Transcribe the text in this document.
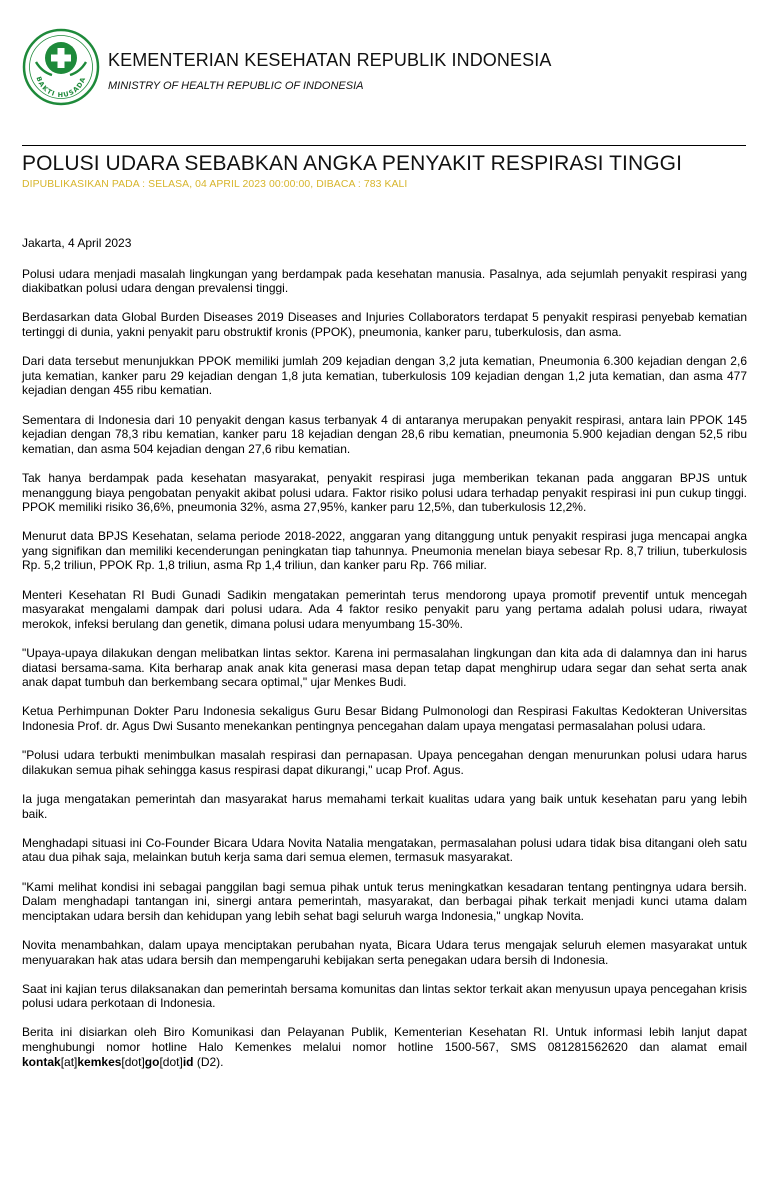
BAKTI HUSADA
KEMENTERIAN KESEHATAN REPUBLIK INDONESIA
MINISTRY OF HEALTH REPUBLIC OF INDONESIA
POLUSI UDARA SEBABKAN ANGKA PENYAKIT RESPIRASI TINGGI
DIPUBLIKASIKAN PADA : SELASA, 04 APRIL 2023 00:00:00, DIBACA : 783 KALI

Jakarta, 4 April 2023

Polusi udara menjadi masalah lingkungan yang berdampak pada kesehatan manusia. Pasalnya, ada sejumlah penyakit respirasi yang diakibatkan polusi udara dengan prevalensi tinggi.

Berdasarkan data Global Burden Diseases 2019 Diseases and Injuries Collaborators terdapat 5 penyakit respirasi penyebab kematian tertinggi di dunia, yakni penyakit paru obstruktif kronis (PPOK), pneumonia, kanker paru, tuberkulosis, dan asma.

Dari data tersebut menunjukkan PPOK memiliki jumlah 209 kejadian dengan 3,2 juta kematian, Pneumonia 6.300 kejadian dengan 2,6 juta kematian, kanker paru 29 kejadian dengan 1,8 juta kematian, tuberkulosis 109 kejadian dengan 1,2 juta kematian, dan asma 477 kejadian dengan 455 ribu kematian.

Sementara di Indonesia dari 10 penyakit dengan kasus terbanyak 4 di antaranya merupakan penyakit respirasi, antara lain PPOK 145 kejadian dengan 78,3 ribu kematian, kanker paru 18 kejadian dengan 28,6 ribu kematian, pneumonia 5.900 kejadian dengan 52,5 ribu kematian, dan asma 504 kejadian dengan 27,6 ribu kematian.

Tak hanya berdampak pada kesehatan masyarakat, penyakit respirasi juga memberikan tekanan pada anggaran BPJS untuk menanggung biaya pengobatan penyakit akibat polusi udara. Faktor risiko polusi udara terhadap penyakit respirasi ini pun cukup tinggi. PPOK memiliki risiko 36,6%, pneumonia 32%, asma 27,95%, kanker paru 12,5%, dan tuberkulosis 12,2%.

Menurut data BPJS Kesehatan, selama periode 2018-2022, anggaran yang ditanggung untuk penyakit respirasi juga mencapai angka yang signifikan dan memiliki kecenderungan peningkatan tiap tahunnya. Pneumonia menelan biaya sebesar Rp. 8,7 triliun, tuberkulosis Rp. 5,2 triliun, PPOK Rp. 1,8 triliun, asma Rp 1,4 triliun, dan kanker paru Rp. 766 miliar.

Menteri Kesehatan RI Budi Gunadi Sadikin mengatakan pemerintah terus mendorong upaya promotif preventif untuk mencegah masyarakat mengalami dampak dari polusi udara. Ada 4 faktor resiko penyakit paru yang pertama adalah polusi udara, riwayat merokok, infeksi berulang dan genetik, dimana polusi udara menyumbang 15-30%.

"Upaya-upaya dilakukan dengan melibatkan lintas sektor. Karena ini permasalahan lingkungan dan kita ada di dalamnya dan ini harus diatasi bersama-sama. Kita berharap anak anak kita generasi masa depan tetap dapat menghirup udara segar dan sehat serta anak anak dapat tumbuh dan berkembang secara optimal," ujar Menkes Budi.

Ketua Perhimpunan Dokter Paru Indonesia sekaligus Guru Besar Bidang Pulmonologi dan Respirasi Fakultas Kedokteran Universitas Indonesia Prof. dr. Agus Dwi Susanto menekankan pentingnya pencegahan dalam upaya mengatasi permasalahan polusi udara.

"Polusi udara terbukti menimbulkan masalah respirasi dan pernapasan. Upaya pencegahan dengan menurunkan polusi udara harus dilakukan semua pihak sehingga kasus respirasi dapat dikurangi," ucap Prof. Agus.

Ia juga mengatakan pemerintah dan masyarakat harus memahami terkait kualitas udara yang baik untuk kesehatan paru yang lebih baik.

Menghadapi situasi ini Co-Founder Bicara Udara Novita Natalia mengatakan, permasalahan polusi udara tidak bisa ditangani oleh satu atau dua pihak saja, melainkan butuh kerja sama dari semua elemen, termasuk masyarakat.

"Kami melihat kondisi ini sebagai panggilan bagi semua pihak untuk terus meningkatkan kesadaran tentang pentingnya udara bersih. Dalam menghadapi tantangan ini, sinergi antara pemerintah, masyarakat, dan berbagai pihak terkait menjadi kunci utama dalam menciptakan udara bersih dan kehidupan yang lebih sehat bagi seluruh warga Indonesia," ungkap Novita.

Novita menambahkan, dalam upaya menciptakan perubahan nyata, Bicara Udara terus mengajak seluruh elemen masyarakat untuk menyuarakan hak atas udara bersih dan mempengaruhi kebijakan serta penegakan udara bersih di Indonesia.

Saat ini kajian terus dilaksanakan dan pemerintah bersama komunitas dan lintas sektor terkait akan menyusun upaya pencegahan krisis polusi udara perkotaan di Indonesia.

Berita ini disiarkan oleh Biro Komunikasi dan Pelayanan Publik, Kementerian Kesehatan RI. Untuk informasi lebih lanjut dapat menghubungi nomor hotline Halo Kemenkes melalui nomor hotline 1500-567, SMS 081281562620 dan alamat email kontak[at]kemkes[dot]go[dot]id (D2).
